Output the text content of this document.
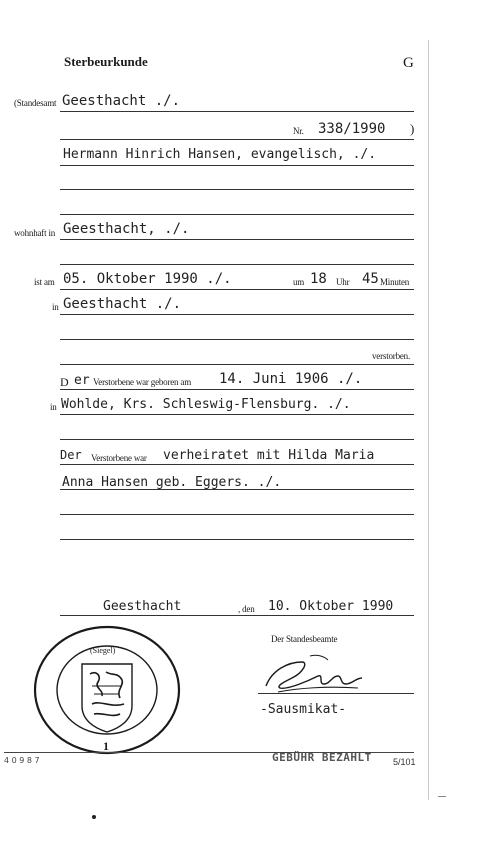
Sterbeurkunde	G
(Standesamt Geesthacht ./.
Nr. 338/1990 )
Hermann Hinrich Hansen, evangelisch, ./.
wohnhaft in Geesthacht, ./.
ist am 05. Oktober 1990 ./.	um 18 Uhr 45 Minuten
in Geesthacht ./.
verstorben.
D er Verstorbene war geboren am 14. Juni 1906 ./.
in Wohlde, Krs. Schleswig-Flensburg. ./.
Der Verstorbene war verheiratet mit Hilda Maria
Anna Hansen geb. Eggers. ./.
Geesthacht	, den 10. Oktober 1990
Der Standesbeamte
-Sausmikat-
(Siegel)
1
4 0 9 8 7	GEBÜHR BEZAHLT 5/101
